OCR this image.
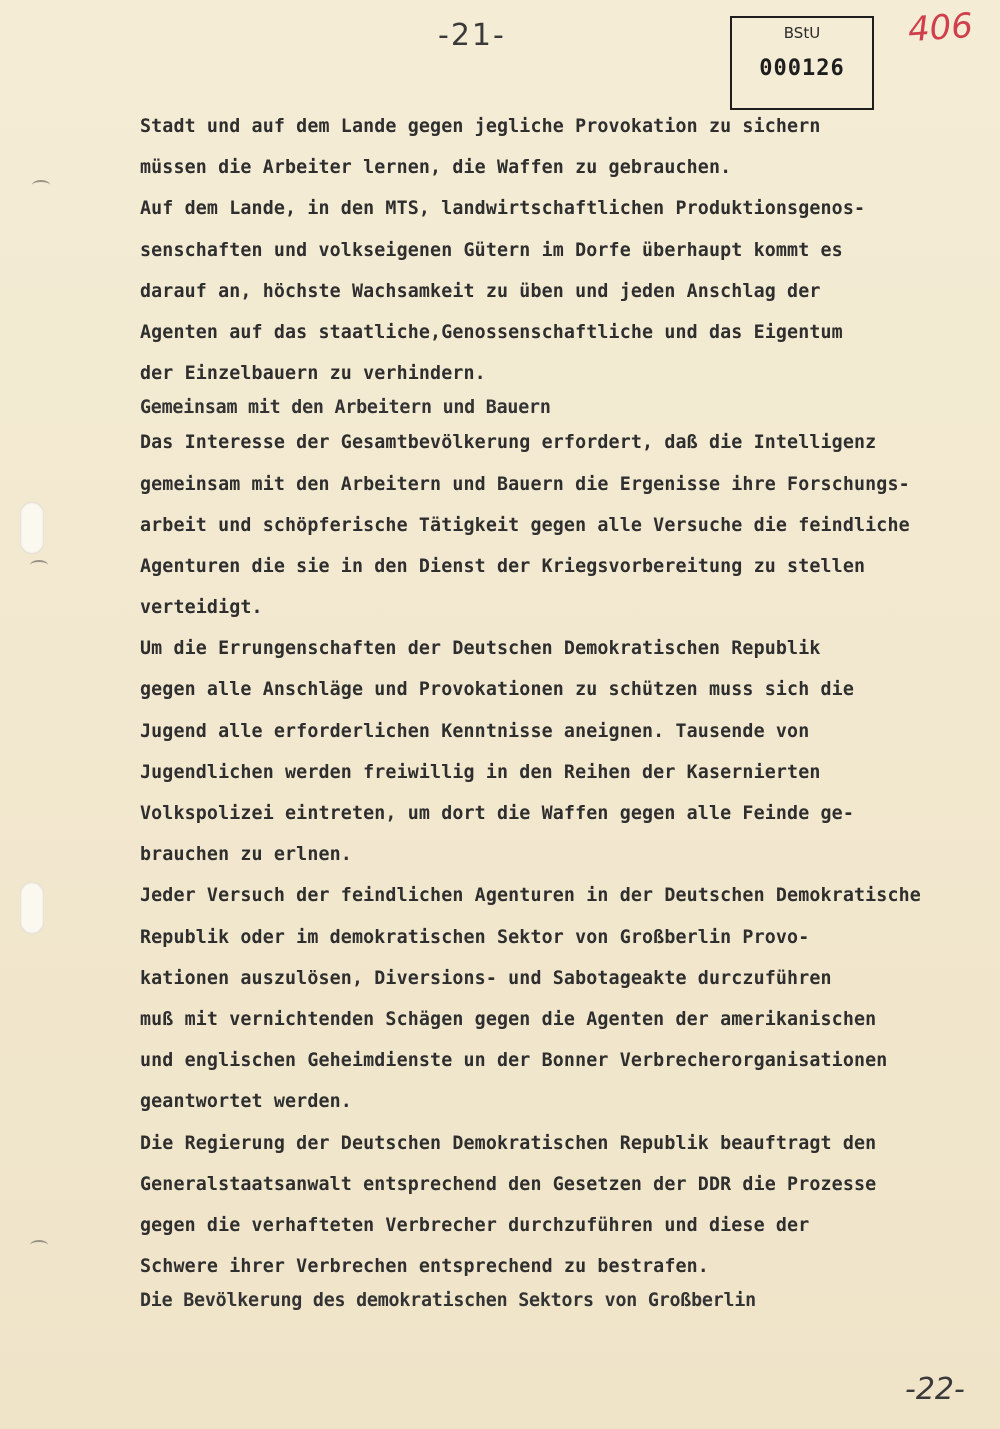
-21-	BStU
000126
406
Stadt und auf dem Lande gegen jegliche Provokation zu sichern
müssen die Arbeiter lernen, die Waffen zu gebrauchen.
Auf dem Lande, in den MTS, landwirtschaftlichen Produktionsgenos-
senschaften und volkseigenen Gütern im Dorfe überhaupt kommt es
darauf an, höchste Wachsamkeit zu üben und jeden Anschlag der
Agenten auf das staatliche,Genossenschaftliche und das Eigentum
der Einzelbauern zu verhindern.
Gemeinsam mit den Arbeitern und Bauern
Das Interesse der Gesamtbevölkerung erfordert, daß die Intelligenz
gemeinsam mit den Arbeitern und Bauern die Ergenisse ihre Forschungs-
arbeit und schöpferische Tätigkeit gegen alle Versuche die feindliche
Agenturen die sie in den Dienst der Kriegsvorbereitung zu stellen
verteidigt.
Um die Errungenschaften der Deutschen Demokratischen Republik
gegen alle Anschläge und Provokationen zu schützen muss sich die
Jugend alle erforderlichen Kenntnisse aneignen. Tausende von
Jugendlichen werden freiwillig in den Reihen der Kasernierten
Volkspolizei eintreten, um dort die Waffen gegen alle Feinde ge-
brauchen zu erlnen.
Jeder Versuch der feindlichen Agenturen in der Deutschen Demokratische
Republik oder im demokratischen Sektor von Großberlin Provo-
kationen auszulösen, Diversions- und Sabotageakte durczuführen
muß mit vernichtenden Schägen gegen die Agenten der amerikanischen
und englischen Geheimdienste un der Bonner Verbrecherorganisationen
geantwortet werden.
Die Regierung der Deutschen Demokratischen Republik beauftragt den
Generalstaatsanwalt entsprechend den Gesetzen der DDR die Prozesse
gegen die verhafteten Verbrecher durchzuführen und diese der
Schwere ihrer Verbrechen entsprechend zu bestrafen.
Die Bevölkerung des demokratischen Sektors von Großberlin
-22-
